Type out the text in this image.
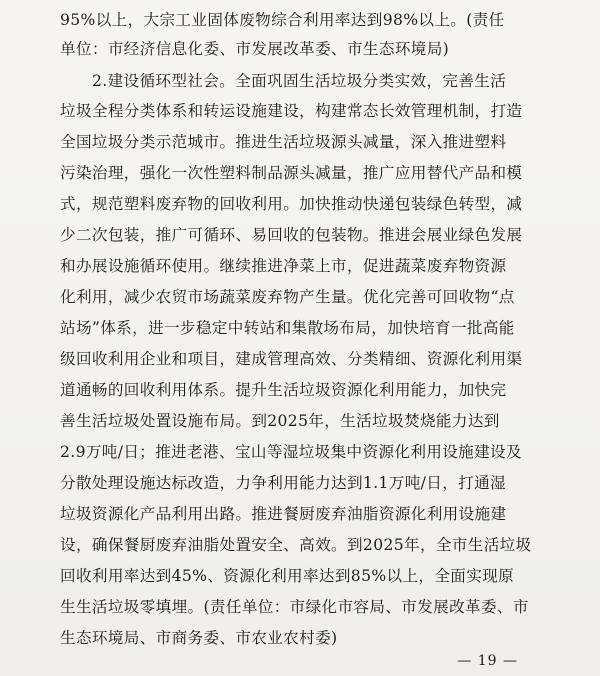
95%以上，大宗工业固体废物综合利用率达到98%以上。(责任
单位：市经济信息化委、市发展改革委、市生态环境局)
2.建设循环型社会。全面巩固生活垃圾分类实效，完善生活
垃圾全程分类体系和转运设施建设，构建常态长效管理机制，打造
全国垃圾分类示范城市。推进生活垃圾源头减量，深入推进塑料
污染治理，强化一次性塑料制品源头减量，推广应用替代产品和模
式，规范塑料废弃物的回收利用。加快推动快递包装绿色转型，减
少二次包装，推广可循环、易回收的包装物。推进会展业绿色发展
和办展设施循环使用。继续推进净菜上市，促进蔬菜废弃物资源
化利用，减少农贸市场蔬菜废弃物产生量。优化完善可回收物“点
站场”体系，进一步稳定中转站和集散场布局，加快培育一批高能
级回收利用企业和项目，建成管理高效、分类精细、资源化利用渠
道通畅的回收利用体系。提升生活垃圾资源化利用能力，加快完
善生活垃圾处置设施布局。到2025年，生活垃圾焚烧能力达到
2.9万吨/日；推进老港、宝山等湿垃圾集中资源化利用设施建设及
分散处理设施达标改造，力争利用能力达到1.1万吨/日，打通湿
垃圾资源化产品利用出路。推进餐厨废弃油脂资源化利用设施建
设，确保餐厨废弃油脂处置安全、高效。到2025年，全市生活垃圾
回收利用率达到45%、资源化利用率达到85%以上，全面实现原
生生活垃圾零填埋。(责任单位：市绿化市容局、市发展改革委、市
生态环境局、市商务委、市农业农村委)
— 19 —
